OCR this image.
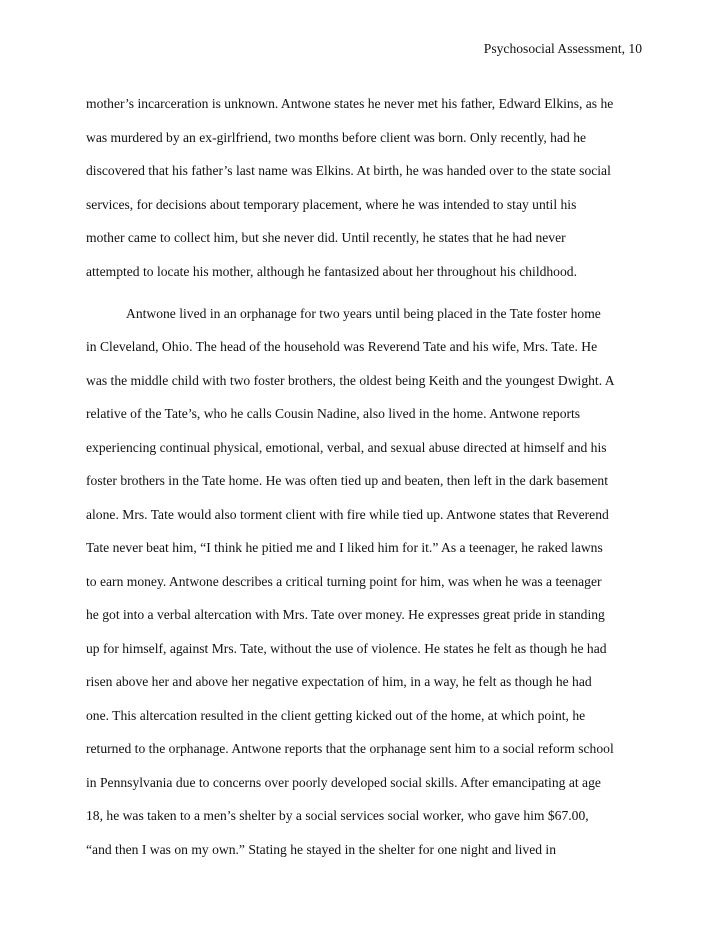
Psychosocial Assessment, 10
mother’s incarceration is unknown. Antwone states he never met his father, Edward Elkins, as he
was murdered by an ex-girlfriend, two months before client was born. Only recently, had he
discovered that his father’s last name was Elkins. At birth, he was handed over to the state social
services, for decisions about temporary placement, where he was intended to stay until his
mother came to collect him, but she never did. Until recently, he states that he had never
attempted to locate his mother, although he fantasized about her throughout his childhood.
Antwone lived in an orphanage for two years until being placed in the Tate foster home
in Cleveland, Ohio. The head of the household was Reverend Tate and his wife, Mrs. Tate. He
was the middle child with two foster brothers, the oldest being Keith and the youngest Dwight. A
relative of the Tate’s, who he calls Cousin Nadine, also lived in the home. Antwone reports
experiencing continual physical, emotional, verbal, and sexual abuse directed at himself and his
foster brothers in the Tate home. He was often tied up and beaten, then left in the dark basement
alone. Mrs. Tate would also torment client with fire while tied up. Antwone states that Reverend
Tate never beat him, “I think he pitied me and I liked him for it.” As a teenager, he raked lawns
to earn money. Antwone describes a critical turning point for him, was when he was a teenager
he got into a verbal altercation with Mrs. Tate over money. He expresses great pride in standing
up for himself, against Mrs. Tate, without the use of violence. He states he felt as though he had
risen above her and above her negative expectation of him, in a way, he felt as though he had
one. This altercation resulted in the client getting kicked out of the home, at which point, he
returned to the orphanage. Antwone reports that the orphanage sent him to a social reform school
in Pennsylvania due to concerns over poorly developed social skills. After emancipating at age
18, he was taken to a men’s shelter by a social services social worker, who gave him $67.00,
“and then I was on my own.” Stating he stayed in the shelter for one night and lived in
